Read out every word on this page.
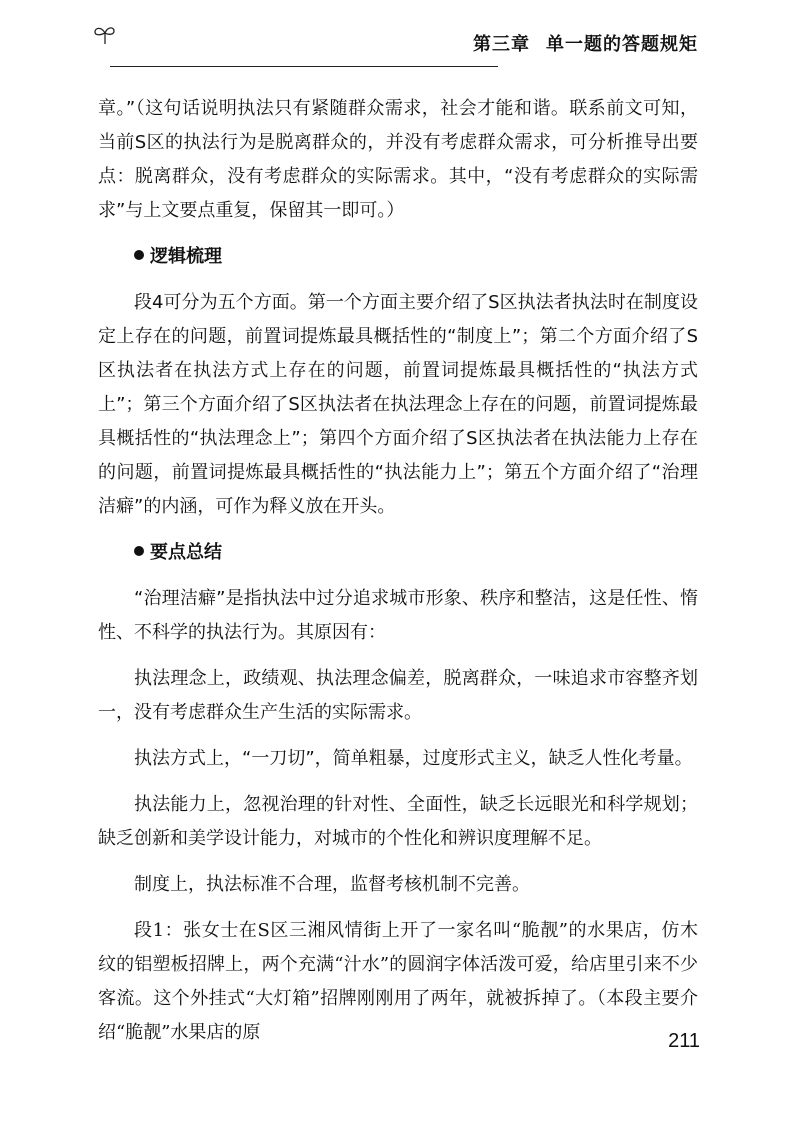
第三章 单一题的答题规矩

章。”（这句话说明执法只有紧随群众需求，社会才能和谐。联系前文可知，当前S区的执法行为是脱离群众的，并没有考虑群众需求，可分析推导出要点：脱离群众，没有考虑群众的实际需求。其中，“没有考虑群众的实际需求”与上文要点重复，保留其一即可。）

逻辑梳理

段4可分为五个方面。第一个方面主要介绍了S区执法者执法时在制度设定上存在的问题，前置词提炼最具概括性的“制度上”；第二个方面介绍了S区执法者在执法方式上存在的问题，前置词提炼最具概括性的“执法方式上”；第三个方面介绍了S区执法者在执法理念上存在的问题，前置词提炼最具概括性的“执法理念上”；第四个方面介绍了S区执法者在执法能力上存在的问题，前置词提炼最具概括性的“执法能力上”；第五个方面介绍了“治理洁癖”的内涵，可作为释义放在开头。

要点总结

“治理洁癖”是指执法中过分追求城市形象、秩序和整洁，这是任性、惰性、不科学的执法行为。其原因有：

执法理念上，政绩观、执法理念偏差，脱离群众，一味追求市容整齐划一，没有考虑群众生产生活的实际需求。

执法方式上，“一刀切”，简单粗暴，过度形式主义，缺乏人性化考量。

执法能力上，忽视治理的针对性、全面性，缺乏长远眼光和科学规划；缺乏创新和美学设计能力，对城市的个性化和辨识度理解不足。

制度上，执法标准不合理，监督考核机制不完善。

段1：张女士在S区三湘风情街上开了一家名叫“脆靓”的水果店，仿木纹的铝塑板招牌上，两个充满“汁水”的圆润字体活泼可爱，给店里引来不少客流。这个外挂式“大灯箱”招牌刚刚用了两年，就被拆掉了。（本段主要介绍“脆靓”水果店的原	211
